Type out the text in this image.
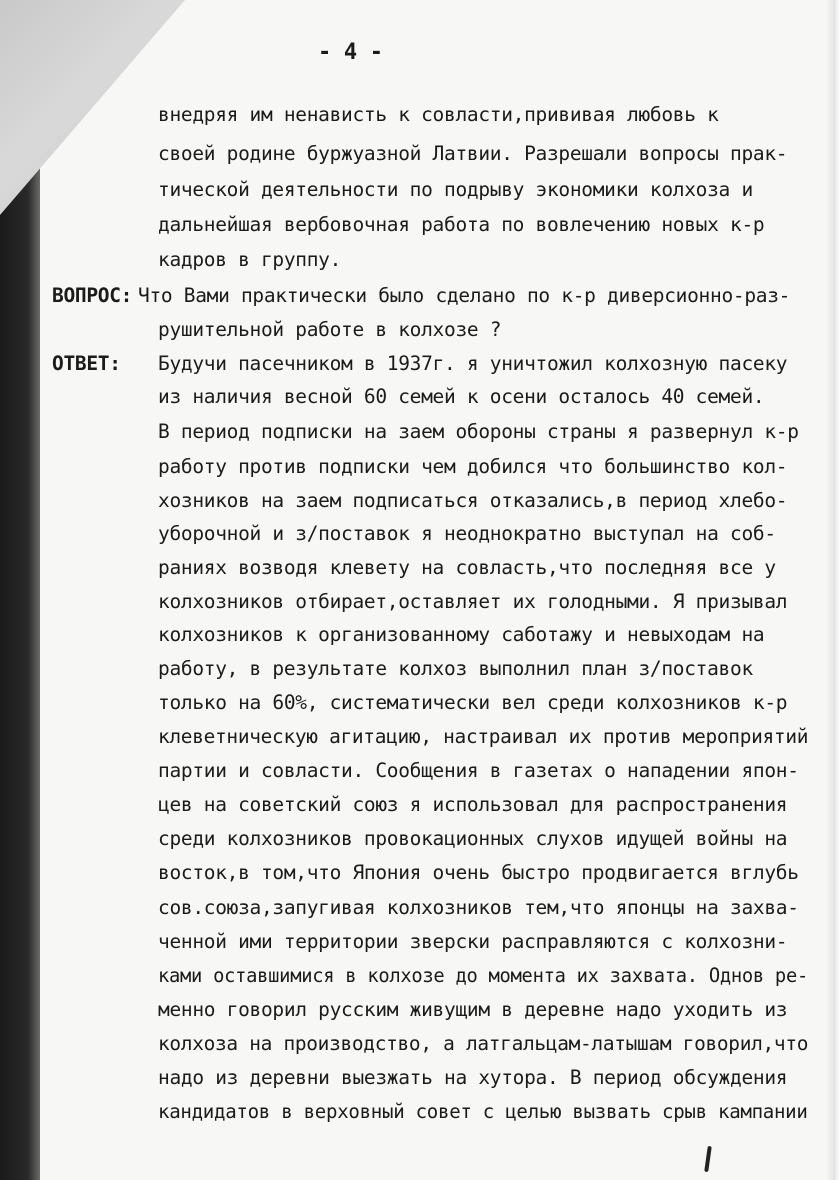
- 4 -
внедряя им ненависть к совласти,прививая любовь к
своей родине буржуазной Латвии. Разрешали вопросы прак-
тической деятельности по подрыву экономики колхоза и
дальнейшая вербовочная работа по вовлечению новых к-р
кадров в группу.
ВОПРОС: Что Вами практически было сделано по к-р диверсионно-раз-
рушительной работе в колхозе ?
ОТВЕТ: Будучи пасечником в 1937г. я уничтожил колхозную пасеку
из наличия весной 60 семей к осени осталось 40 семей.
В период подписки на заем обороны страны я развернул к-р
работу против подписки чем добился что большинство кол-
хозников на заем подписаться отказались,в период хлебо-
уборочной и з/поставок я неоднократно выступал на соб-
раниях возводя клевету на совласть,что последняя все у
колхозников отбирает,оставляет их голодными. Я призывал
колхозников к организованному саботажу и невыходам на
работу, в результате колхоз выполнил план з/поставок
только на 60%, систематически вел среди колхозников к-р
клеветническую агитацию, настраивал их против мероприятий
партии и совласти. Сообщения в газетах о нападении япон-
цев на советский союз я использовал для распространения
среди колхозников провокационных слухов идущей войны на
восток,в том,что Япония очень быстро продвигается вглубь
сов.союза,запугивая колхозников тем,что японцы на захва-
ченной ими территории зверски расправляются с колхозни-
ками оставшимися в колхозе до момента их захвата. Однов ре-
менно говорил русским живущим в деревне надо уходить из
колхоза на производство, а латгальцам-латышам говорил,что
надо из деревни выезжать на хутора. В период обсуждения
кандидатов в верховный совет с целью вызвать срыв кампании
